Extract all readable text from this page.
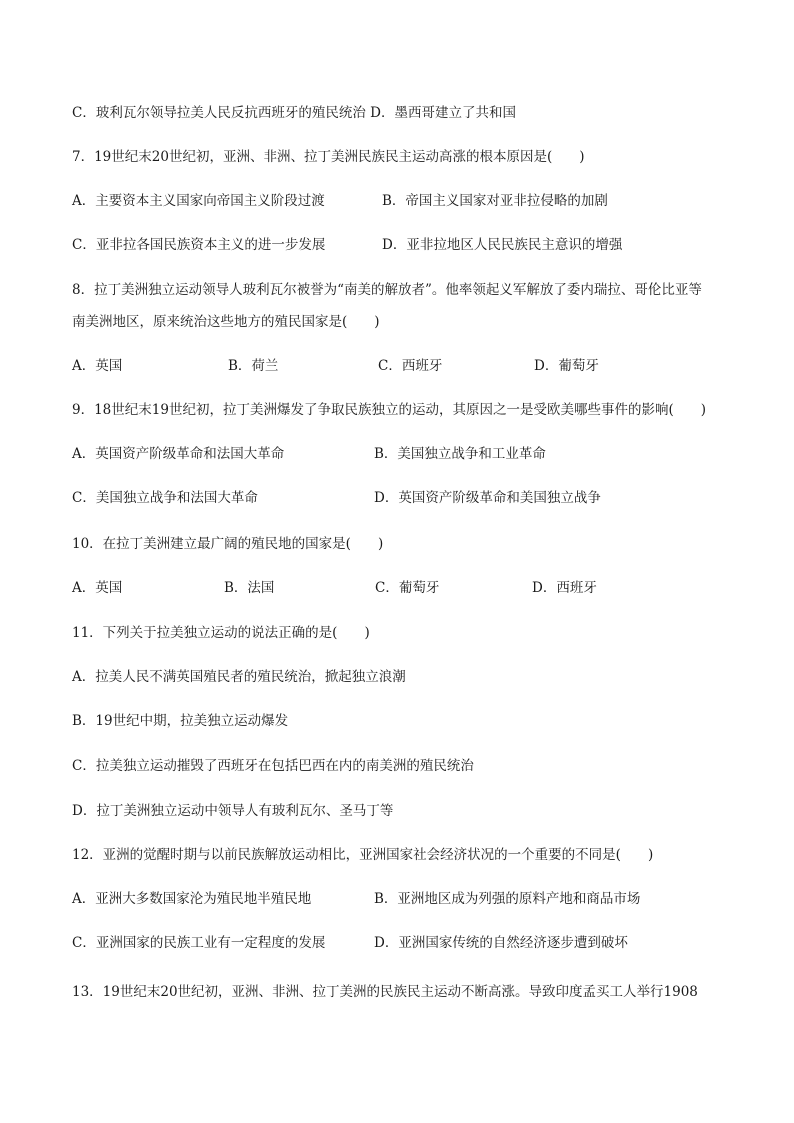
C．玻利瓦尔领导拉美人民反抗西班牙的殖民统治 D．墨西哥建立了共和国
7．19世纪末20世纪初，亚洲、非洲、拉丁美洲民族民主运动高涨的根本原因是(　　)
A．主要资本主义国家向帝国主义阶段过渡	B．帝国主义国家对亚非拉侵略的加剧
C．亚非拉各国民族资本主义的进一步发展	D．亚非拉地区人民民族民主意识的增强
8．拉丁美洲独立运动领导人玻利瓦尔被誉为“南美的解放者”。他率领起义军解放了委内瑞拉、哥伦比亚等
南美洲地区，原来统治这些地方的殖民国家是(　　)
A．英国	B．荷兰	C．西班牙	D．葡萄牙
9．18世纪末19世纪初，拉丁美洲爆发了争取民族独立的运动，其原因之一是受欧美哪些事件的影响(　　)
A．英国资产阶级革命和法国大革命	B．美国独立战争和工业革命
C．美国独立战争和法国大革命	D．英国资产阶级革命和美国独立战争
10．在拉丁美洲建立最广阔的殖民地的国家是(　　)
A．英国	B．法国	C．葡萄牙	D．西班牙
11．下列关于拉美独立运动的说法正确的是(　　)
A．拉美人民不满英国殖民者的殖民统治，掀起独立浪潮
B．19世纪中期，拉美独立运动爆发
C．拉美独立运动摧毁了西班牙在包括巴西在内的南美洲的殖民统治
D．拉丁美洲独立运动中领导人有玻利瓦尔、圣马丁等
12．亚洲的觉醒时期与以前民族解放运动相比，亚洲国家社会经济状况的一个重要的不同是(　　)
A．亚洲大多数国家沦为殖民地半殖民地	B．亚洲地区成为列强的原料产地和商品市场
C．亚洲国家的民族工业有一定程度的发展	D．亚洲国家传统的自然经济逐步遭到破坏
13．19世纪末20世纪初，亚洲、非洲、拉丁美洲的民族民主运动不断高涨。导致印度孟买工人举行1908
